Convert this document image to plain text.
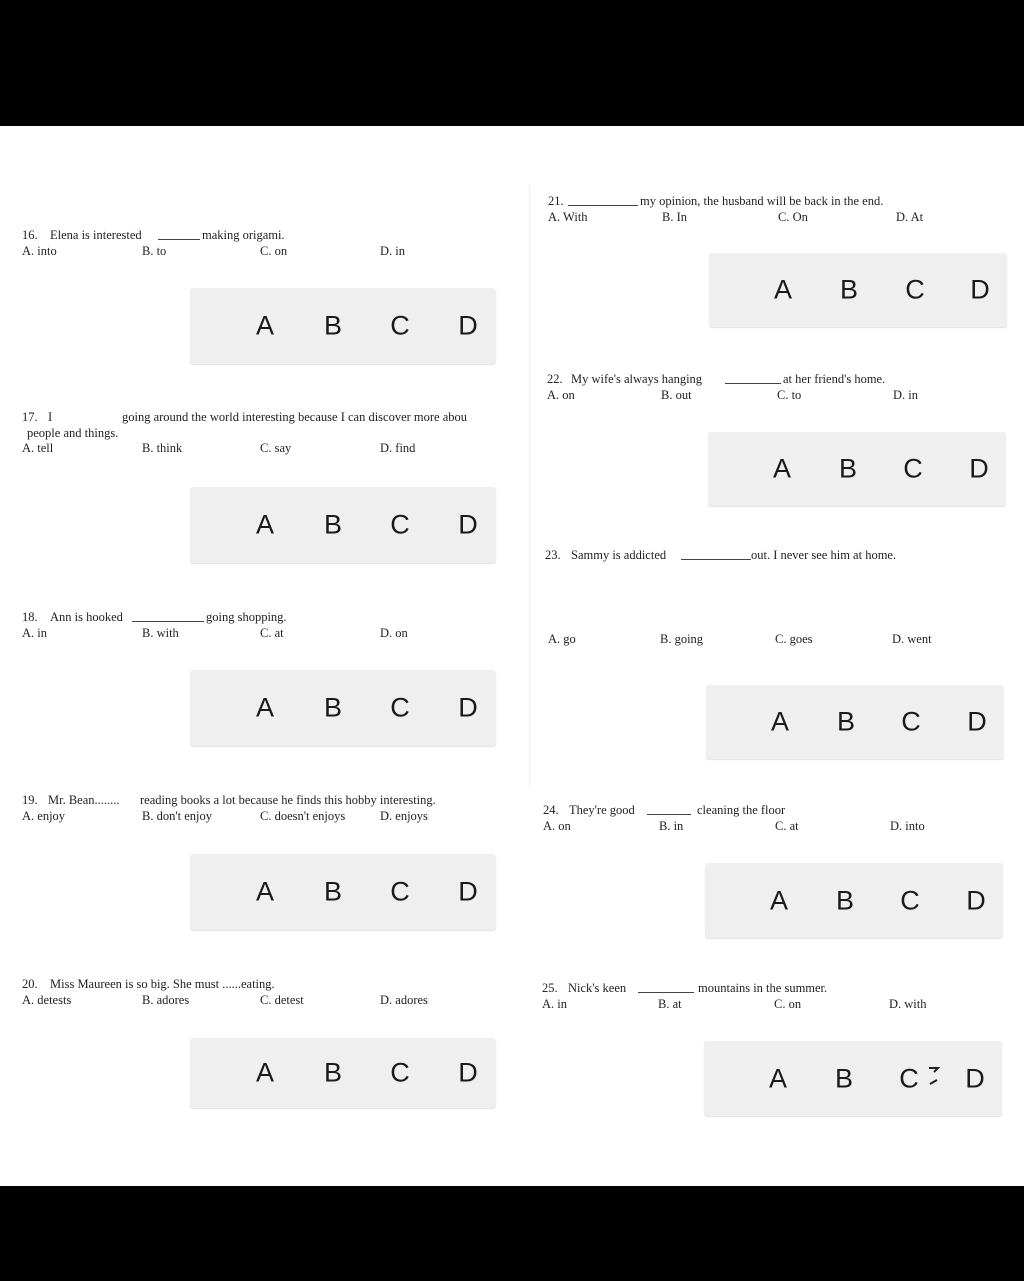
16. Elena is interested	making origami.
A. into	B. to	C. on	D. in
A B C D
17. I	going around the world interesting because I can discover more abou
people and things.
A. tell	B. think	C. say	D. find
A B C D
18. Ann is hooked	going shopping.
A. in	B. with	C. at	D. on
A B C D
19. Mr. Bean........ reading books a lot because he finds this hobby interesting.
A. enjoy	B. don't enjoy	C. doesn't enjoys	D. enjoys
A B C D
20. Miss Maureen is so big. She must ......eating.
A. detests	B. adores	C. detest	D. adores
A B C D
21.	my opinion, the husband will be back in the end.
A. With	B. In	C. On	D. At
A B C D
22. My wife's always hanging	at her friend's home.
A. on	B. out	C. to	D. in
A B C D
23. Sammy is addicted	out. I never see him at home.
A. go	B. going	C. goes	D. went
A B C D
24. They're good	cleaning the floor
A. on	B. in	C. at	D. into
A B C D
25. Nick's keen	mountains in the summer.
A. in	B. at	C. on	D. with
A B C D
